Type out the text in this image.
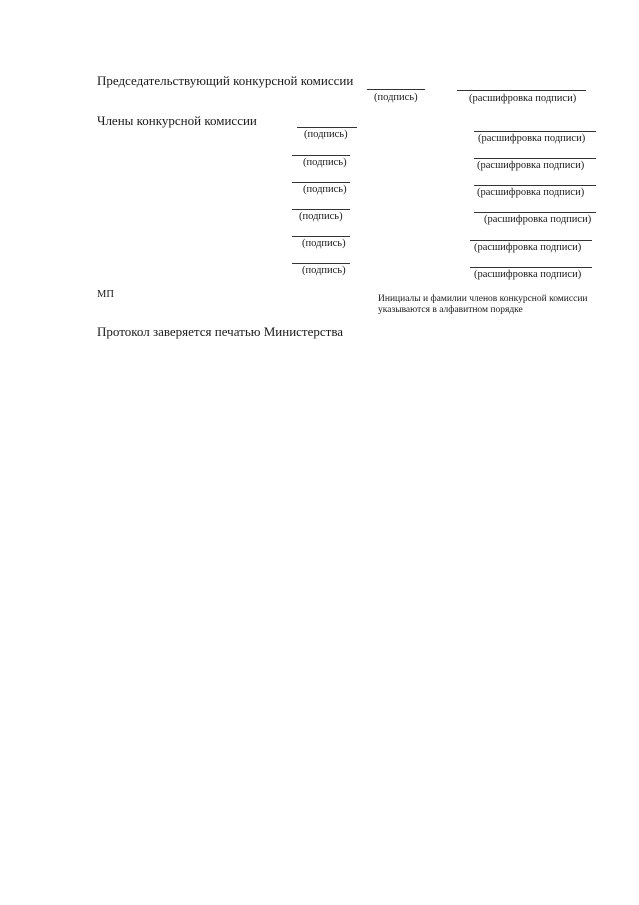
Председательствующий конкурсной комиссии
(подпись)	(расшифровка подписи)
Члены конкурсной комиссии
(подпись)	(расшифровка подписи)
(подпись)	(расшифровка подписи)
(подпись)	(расшифровка подписи)
(подпись)	(расшифровка подписи)
(подпись)	(расшифровка подписи)
(подпись)	(расшифровка подписи)
МП	Инициалы и фамилии членов конкурсной комиссии
указываются в алфавитном порядке
Протокол заверяется печатью Министерства
